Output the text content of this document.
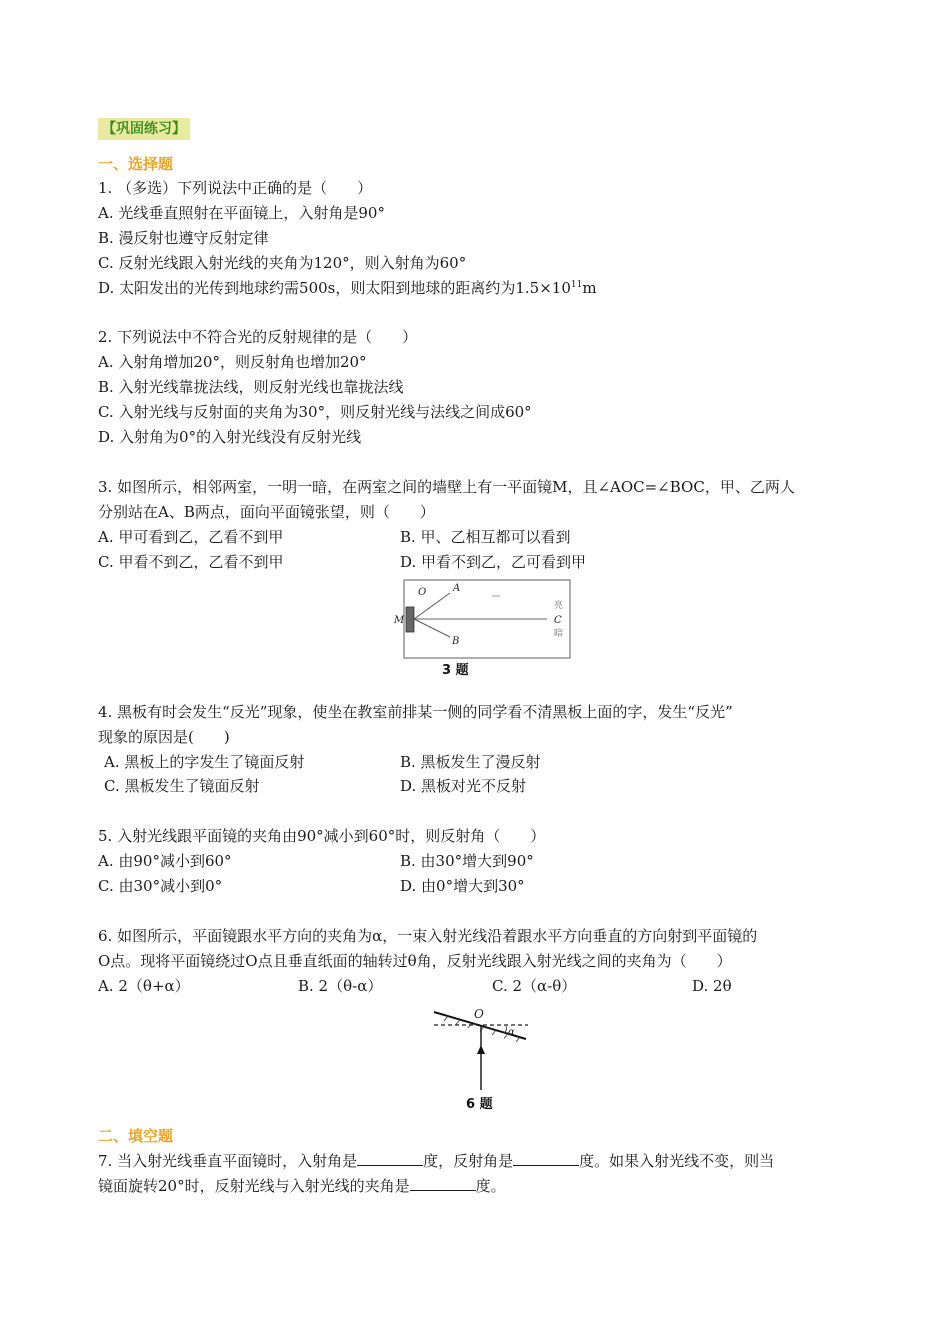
【巩固练习】
一、选择题
1. （多选）下列说法中正确的是（　　）
A. 光线垂直照射在平面镜上，入射角是90°
B. 漫反射也遵守反射定律
C. 反射光线跟入射光线的夹角为120°，则入射角为60°
D. 太阳发出的光传到地球约需500s，则太阳到地球的距离约为$1.5\times 10^{11}m$
2. 下列说法中不符合光的反射规律的是（　　）
A. 入射角增加20°，则反射角也增加20°
B. 入射光线靠拢法线，则反射光线也靠拢法线
C. 入射光线与反射面的夹角为30°，则反射光线与法线之间成60°
D. 入射角为0°的入射光线没有反射光线
3. 如图所示，相邻两室，一明一暗，在两室之间的墙壁上有一平面镜M，且∠AOC=∠BOC，甲、乙两人
分别站在A、B两点，面向平面镜张望，则（　　）
A. 甲可看到乙，乙看不到甲	B. 甲、乙相互都可以看到
C. 甲看不到乙，乙看不到甲	D. 甲看不到乙，乙可看到甲
O	A
B
M	C
亮
暗
3 题
4. 黑板有时会发生“反光”现象，使坐在教室前排某一侧的同学看不清黑板上面的字，发生“反光”
现象的原因是(　　)
A. 黑板上的字发生了镜面反射	B. 黑板发生了漫反射
C. 黑板发生了镜面反射	D. 黑板对光不反射
5. 入射光线跟平面镜的夹角由90°减小到60°时，则反射角（　　）
A. 由90°减小到60°	B. 由30°增大到90°
C. 由30°减小到0°	D. 由0°增大到30°
6. 如图所示，平面镜跟水平方向的夹角为α，一束入射光线沿着跟水平方向垂直的方向射到平面镜的
O点。现将平面镜绕过O点且垂直纸面的轴转过θ角，反射光线跟入射光线之间的夹角为（　　）
A. 2（θ+α）	B. 2（θ-α）	C. 2（α-θ）	D. 2θ
O
α
6 题
二、填空题
7. 当入射光线垂直平面镜时，入射角是	度，反射角是	度。如果入射光线不变，则当
镜面旋转20°时，反射光线与入射光线的夹角是	度。
